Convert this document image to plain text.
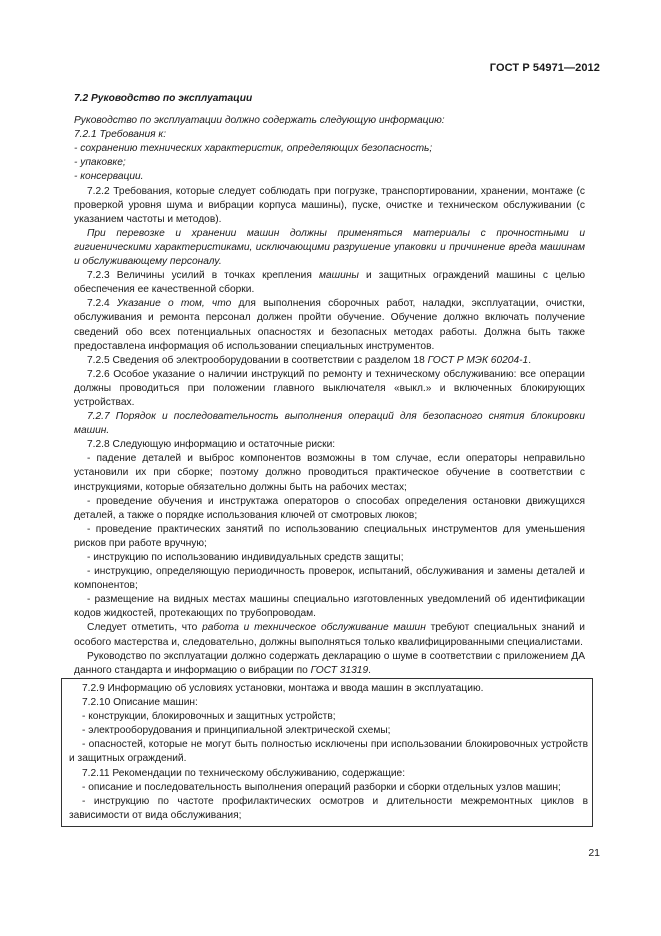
ГОСТ Р 54971—2012
7.2 Руководство по эксплуатации

Руководство по эксплуатации должно содержать следующую информацию:

7.2.1 Требования к:

- сохранению технических характеристик, определяющих безопасность;

- упаковке;

- консервации.

7.2.2 Требования, которые следует соблюдать при погрузке, транспортировании, хранении, монтаже (с проверкой уровня шума и вибрации корпуса машины), пуске, очистке и техническом обслуживании (с указанием частоты и методов).

При перевозке и хранении машин должны применяться материалы с прочностными и гигиеническими характеристиками, исключающими разрушение упаковки и причинение вреда машинам и обслуживающему персоналу.

7.2.3 Величины усилий в точках крепления машины и защитных ограждений машины с целью обеспечения ее качественной сборки.

7.2.4 Указание о том, что для выполнения сборочных работ, наладки, эксплуатации, очистки, обслуживания и ремонта персонал должен пройти обучение. Обучение должно включать получение сведений обо всех потенциальных опасностях и безопасных методах работы. Должна быть также предоставлена информация об использовании специальных инструментов.

7.2.5 Сведения об электрооборудовании в соответствии с разделом 18 ГОСТ Р МЭК 60204-1.

7.2.6 Особое указание о наличии инструкций по ремонту и техническому обслуживанию: все операции должны проводиться при положении главного выключателя «выкл.» и включенных блокирующих устройствах.

7.2.7 Порядок и последовательность выполнения операций для безопасного снятия блокировки машин.

7.2.8 Следующую информацию и остаточные риски:

- падение деталей и выброс компонентов возможны в том случае, если операторы неправильно установили их при сборке; поэтому должно проводиться практическое обучение в соответствии с инструкциями, которые обязательно должны быть на рабочих местах;

- проведение обучения и инструктажа операторов о способах определения остановки движущихся деталей, а также о порядке использования ключей от смотровых люков;

- проведение практических занятий по использованию специальных инструментов для уменьшения рисков при работе вручную;

- инструкцию по использованию индивидуальных средств защиты;

- инструкцию, определяющую периодичность проверок, испытаний, обслуживания и замены деталей и компонентов;

- размещение на видных местах машины специально изготовленных уведомлений об идентификации кодов жидкостей, протекающих по трубопроводам.

Следует отметить, что работа и техническое обслуживание машин требуют специальных знаний и особого мастерства и, следовательно, должны выполняться только квалифицированными специалистами.

Руководство по эксплуатации должно содержать декларацию о шуме в соответствии с приложением ДА данного стандарта и информацию о вибрации по ГОСТ 31319.

7.2.9 Информацию об условиях установки, монтажа и ввода машин в эксплуатацию.

7.2.10 Описание машин:

- конструкции, блокировочных и защитных устройств;

- электрооборудования и принципиальной электрической схемы;

- опасностей, которые не могут быть полностью исключены при использовании блокировочных устройств и защитных ограждений.

7.2.11 Рекомендации по техническому обслуживанию, содержащие:

- описание и последовательность выполнения операций разборки и сборки отдельных узлов машин;

- инструкцию по частоте профилактических осмотров и длительности межремонтных циклов в зависимости от вида обслуживания;

21
